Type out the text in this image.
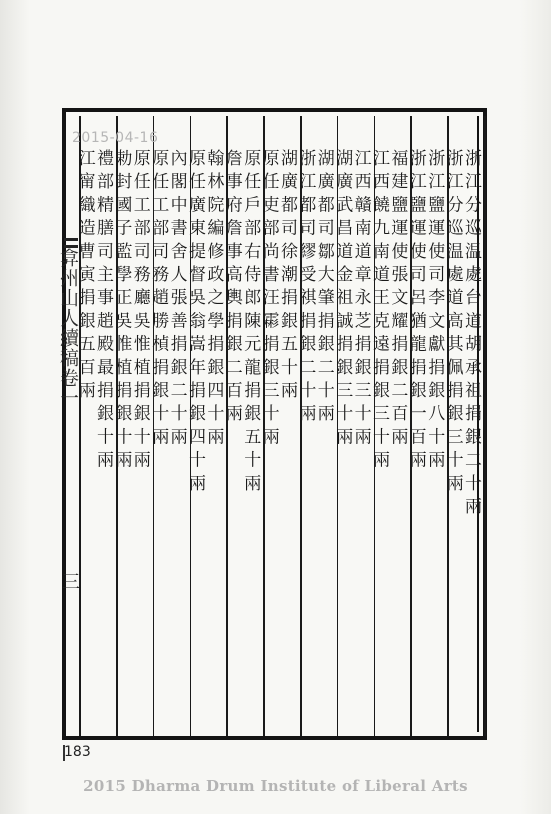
浙江分巡温處台道胡承祖捐銀二十兩
浙江分巡温處道高其佩捐銀三十兩
浙江鹽運使司李文獻捐銀八十兩
浙江鹽運使司呂猶龍捐銀一百兩
福建鹽運使張文耀捐銀二百兩
江西饒九南道王克遠捐銀三十兩
江西贛南道章永芝捐銀三十兩
湖廣武昌道金祖誠捐銀三十兩
湖廣都司鄒大肇捐銀二十兩
浙江都司繆受祺捐銀二十兩
湖廣都司徐潮捐銀五十兩
原任吏部尚書汪霦捐銀三十兩
原任戶部右侍郎陳元龍捐銀五十兩
詹事府詹事高輿捐銀二百兩
翰林院編修政之學捐銀四十兩
原任廣東提督吳翁嵩年捐銀四十兩
內閣中書舍人張善捐銀二十兩
原任工部司務趙勝楨捐銀十兩
原任工部司務廳吳惟植捐銀十兩
勅封國子監學正吳惟植捐銀十兩
禮部精膳司主事趙殿最捐銀十兩
江甯織造曹寅捐銀五百兩
2015-04-16
弇州山人續稿卷一
三
183
2015 Dharma Drum Institute of Liberal Arts
